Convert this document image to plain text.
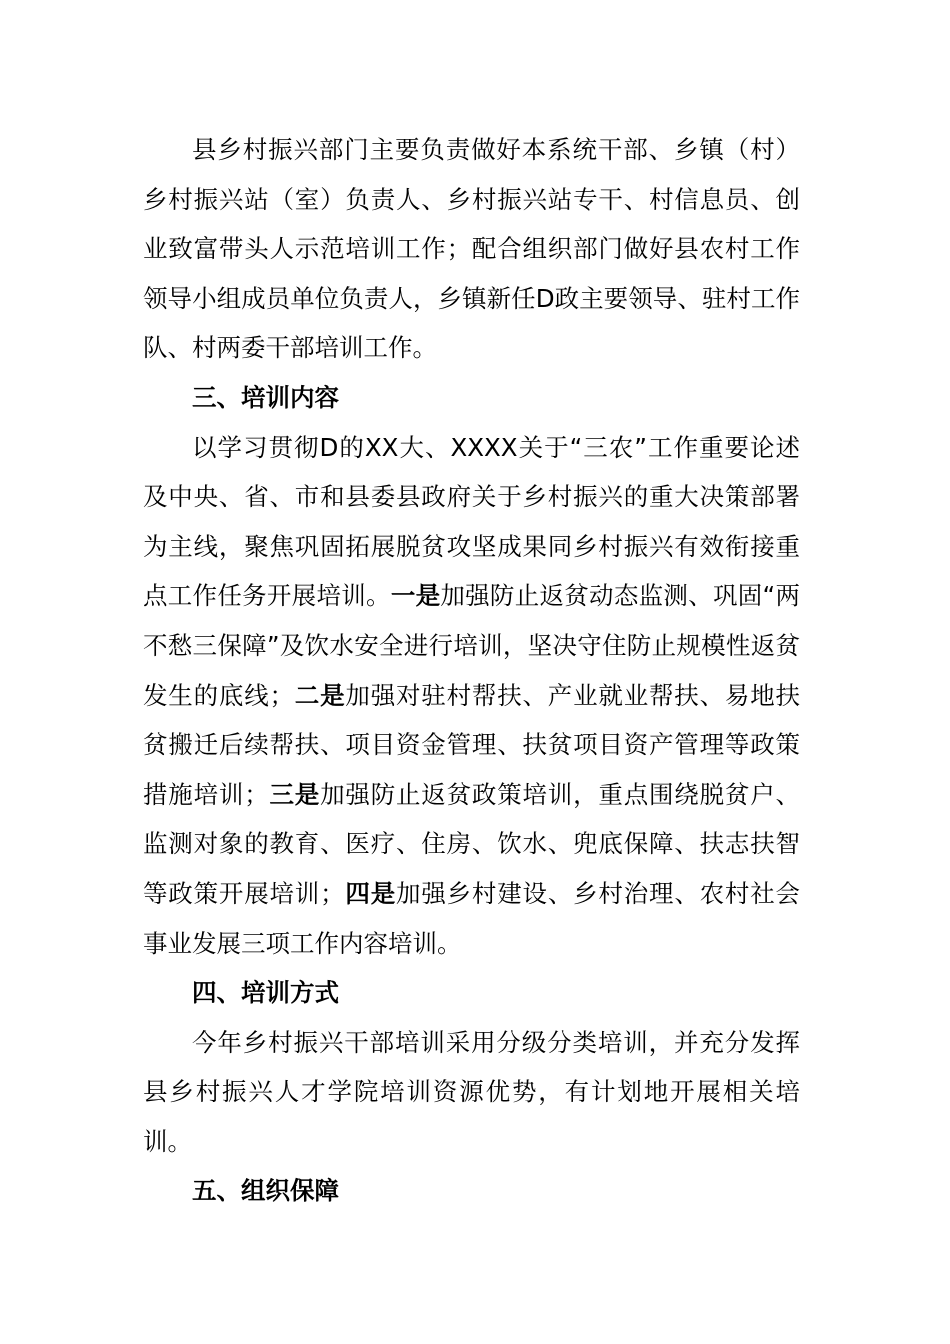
县乡村振兴部门主要负责做好本系统干部、乡镇（村）乡村振兴站（室）负责人、乡村振兴站专干、村信息员、创业致富带头人示范培训工作；配合组织部门做好县农村工作领导小组成员单位负责人，乡镇新任D政主要领导、驻村工作队、村两委干部培训工作。

三、培训内容

以学习贯彻D的XX大、XXXX关于“三农”工作重要论述及中央、省、市和县委县政府关于乡村振兴的重大决策部署为主线，聚焦巩固拓展脱贫攻坚成果同乡村振兴有效衔接重点工作任务开展培训。一是加强防止返贫动态监测、巩固“两不愁三保障”及饮水安全进行培训，坚决守住防止规模性返贫发生的底线；二是加强对驻村帮扶、产业就业帮扶、易地扶贫搬迁后续帮扶、项目资金管理、扶贫项目资产管理等政策措施培训；三是加强防止返贫政策培训，重点围绕脱贫户、监测对象的教育、医疗、住房、饮水、兜底保障、扶志扶智等政策开展培训；四是加强乡村建设、乡村治理、农村社会事业发展三项工作内容培训。

四、培训方式

今年乡村振兴干部培训采用分级分类培训，并充分发挥县乡村振兴人才学院培训资源优势，有计划地开展相关培训。

五、组织保障
